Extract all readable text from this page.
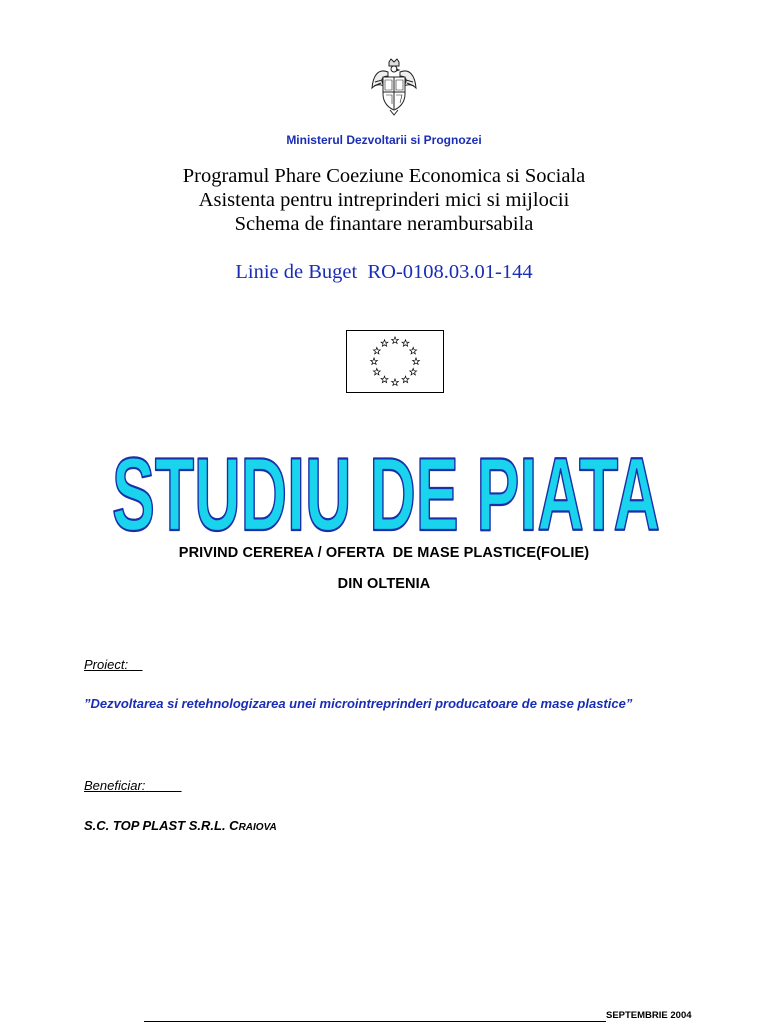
Ministerul Dezvoltarii si Prognozei
Programul Phare Coeziune Economica si Sociala
Asistenta pentru intreprinderi mici si mijlocii
Schema de finantare nerambursabila
Linie de Buget  RO-0108.03.01-144
STUDIU DE PIATA
PRIVIND CEREREA / OFERTA  DE MASE PLASTICE(FOLIE)
DIN OLTENIA
Proiect:
”Dezvoltarea si retehnologizarea unei microintreprinderi producatoare de mase plastice”
Beneficiar:
S.C. TOP PLAST S.R.L. CRAIOVA
SEPTEMBRIE 2004
